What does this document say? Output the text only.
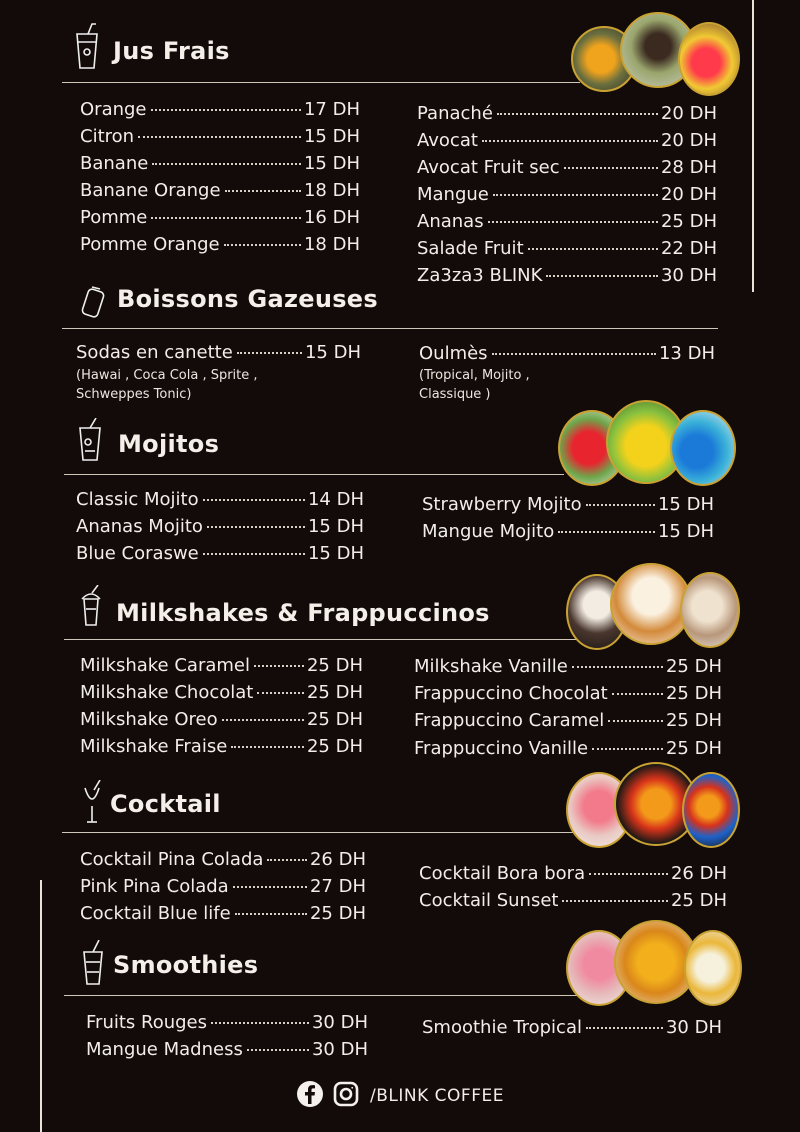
Jus Frais
Orange	17 DH
Citron	15 DH
Banane	15 DH
Banane Orange	18 DH
Pomme	16 DH
Pomme Orange	18 DH
Panaché	20 DH
Avocat	20 DH
Avocat Fruit sec	28 DH
Mangue	20 DH
Ananas	25 DH
Salade Fruit	22 DH
Za3za3 BLINK	30 DH
Boissons Gazeuses
Sodas en canette	15 DH
(Hawai , Coca Cola , Sprite ,
Schweppes Tonic)
Oulmès	13 DH
(Tropical, Mojito ,
Classique )
Mojitos
Classic Mojito	14 DH
Ananas Mojito	15 DH
Blue Coraswe	15 DH
Strawberry Mojito	15 DH
Mangue Mojito	15 DH
Milkshakes & Frappuccinos
Milkshake Caramel	25 DH
Milkshake Chocolat	25 DH
Milkshake Oreo	25 DH
Milkshake Fraise	25 DH
Milkshake Vanille	25 DH
Frappuccino Chocolat	25 DH
Frappuccino Caramel	25 DH
Frappuccino Vanille	25 DH
Cocktail
Cocktail Pina Colada	26 DH
Pink Pina Colada	27 DH
Cocktail Blue life	25 DH
Cocktail Bora bora	26 DH
Cocktail Sunset	25 DH
Smoothies
Fruits Rouges	30 DH
Mangue Madness	30 DH
Smoothie Tropical	30 DH
/BLINK COFFEE
